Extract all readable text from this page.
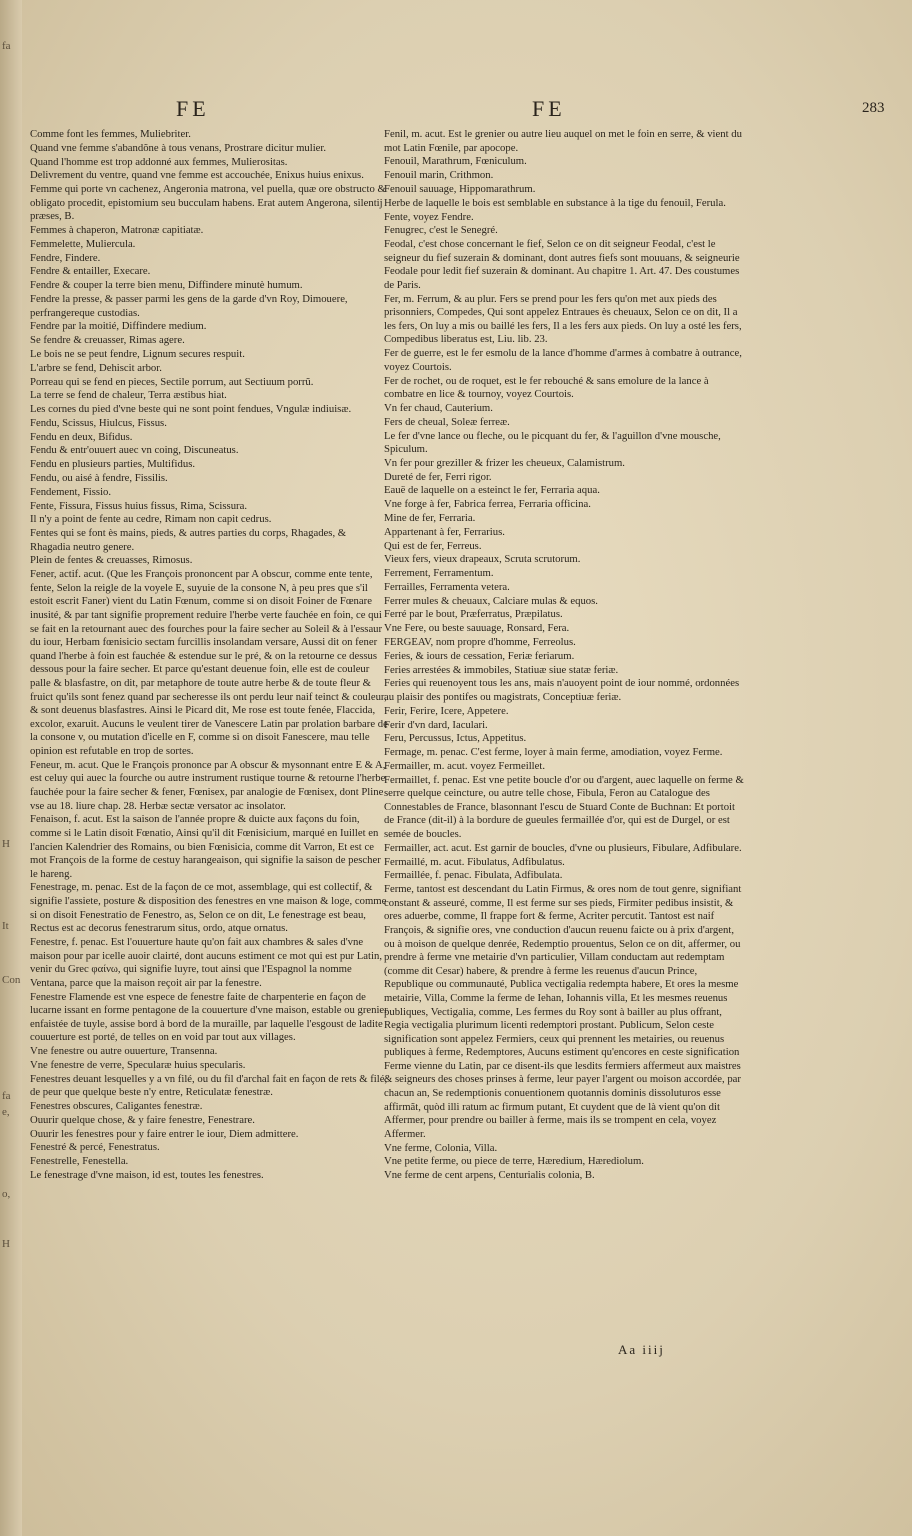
fa
H
It
Con
fa
e,
o,
H
FE	FE	283
Comme font les femmes, Muliebriter.
Quand vne femme s'abandõne à tous venans, Prostrare dicitur mulier.
Quand l'homme est trop addonné aux femmes, Mulierositas.
Delivrement du ventre, quand vne femme est accouchée, Enixus huius enixus.
Femme qui porte vn cachenez, Angeronia matrona, vel puella, quæ ore obstructo & obligato procedit, epistomium seu bucculam habens. Erat autem Angerona, silentij præses, B.
Femmes à chaperon, Matronæ capitiatæ.
Femmelette, Muliercula.
Fendre, Findere.
Fendre & entailler, Execare.
Fendre & couper la terre bien menu, Diffindere minutè humum.
Fendre la presse, & passer parmi les gens de la garde d'vn Roy, Dimouere, perfrangereque custodias.
Fendre par la moitié, Diffindere medium.
Se fendre & creuasser, Rimas agere.
Le bois ne se peut fendre, Lignum secures respuit.
L'arbre se fend, Dehiscit arbor.
Porreau qui se fend en pieces, Sectile porrum, aut Sectiuum porrũ.
La terre se fend de chaleur, Terra æstibus hiat.
Les cornes du pied d'vne beste qui ne sont point fendues, Vngulæ indiuisæ.
Fendu, Scissus, Hiulcus, Fissus.
Fendu en deux, Bifidus.
Fendu & entr'ouuert auec vn coing, Discuneatus.
Fendu en plusieurs parties, Multifidus.
Fendu, ou aisé à fendre, Fissilis.
Fendement, Fissio.
Fente, Fissura, Fissus huius fissus, Rima, Scissura.
Il n'y a point de fente au cedre, Rimam non capit cedrus.
Fentes qui se font ès mains, pieds, & autres parties du corps, Rhagades, & Rhagadia neutro genere.
Plein de fentes & creuasses, Rimosus.
Fener, actif. acut. (Que les François prononcent par A obscur, comme ente tente, fente, Selon la reigle de la voyele E, suyuie de la consone N, à peu pres que s'il estoit escrit Faner) vient du Latin Fœnum, comme si on disoit Foiner de Fœnare inusité, & par tant signifie proprement reduire l'herbe verte fauchée en foin, ce qui se fait en la retournant auec des fourches pour la faire secher au Soleil & à l'essaur du iour, Herbam fœnisicio sectam furcillis insolandam versare, Aussi dit on fener quand l'herbe à foin est fauchée & estendue sur le pré, & on la retourne ce dessus dessous pour la faire secher. Et parce qu'estant deuenue foin, elle est de couleur palle & blasfastre, on dit, par metaphore de toute autre herbe & de toute fleur & fruict qu'ils sont fenez quand par secheresse ils ont perdu leur naif teinct & couleur, & sont deuenus blasfastres. Ainsi le Picard dit, Me rose est toute fenée, Flaccida, excolor, exaruit. Aucuns le veulent tirer de Vanescere Latin par prolation barbare de la consone v, ou mutation d'icelle en F, comme si on disoit Fanescere, mau telle opinion est refutable en trop de sortes.
Feneur, m. acut. Que le François prononce par A obscur & mysonnant entre E & A, est celuy qui auec la fourche ou autre instrument rustique tourne & retourne l'herbe fauchée pour la faire secher & fener, Fœnisex, par analogie de Fœnisex, dont Pline vse au 18. liure chap. 28. Herbæ sectæ versator ac insolator.
Fenaison, f. acut. Est la saison de l'année propre & duicte aux façons du foin, comme si le Latin disoit Fœnatio, Ainsi qu'il dit Fœnisicium, marqué en Iuillet en l'ancien Kalendrier des Romains, ou bien Fœnisicia, comme dit Varron, Et est ce mot François de la forme de cestuy harangeaison, qui signifie la saison de pescher le hareng.
Fenestrage, m. penac. Est de la façon de ce mot, assemblage, qui est collectif, & signifie l'assiete, posture & disposition des fenestres en vne maison & loge, comme si on disoit Fenestratio de Fenestro, as, Selon ce on dit, Le fenestrage est beau, Rectus est ac decorus fenestrarum situs, ordo, atque ornatus.
Fenestre, f. penac. Est l'ouuerture haute qu'on fait aux chambres & sales d'vne maison pour par icelle auoir clairté, dont aucuns estiment ce mot qui est pur Latin, venir du Grec φαίνω, qui signifie luyre, tout ainsi que l'Espagnol la nomme Ventana, parce que la maison reçoit air par la fenestre.
Fenestre Flamende est vne espece de fenestre faite de charpenterie en façon de lucarne issant en forme pentagone de la couuerture d'vne maison, estable ou grenier enfaistée de tuyle, assise bord à bord de la muraille, par laquelle l'esgoust de ladite couuerture est porté, de telles on en void par tout aux villages.
Vne fenestre ou autre ouuerture, Transenna.
Vne fenestre de verre, Specularæ huius specularis.
Fenestres deuant lesquelles y a vn filé, ou du fil d'archal fait en façon de rets & filé, de peur que quelque beste n'y entre, Reticulatæ fenestræ.
Fenestres obscures, Caligantes fenestræ.
Ouurir quelque chose, & y faire fenestre, Fenestrare.
Ouurir les fenestres pour y faire entrer le iour, Diem admittere.
Fenestré & percé, Fenestratus.
Fenestrelle, Fenestella.
Le fenestrage d'vne maison, id est, toutes les fenestres.
Fenil, m. acut. Est le grenier ou autre lieu auquel on met le foin en serre, & vient du mot Latin Fœnile, par apocope.
Fenouil, Marathrum, Fœniculum.
Fenouil marin, Crithmon.
Fenouil sauuage, Hippomarathrum.
Herbe de laquelle le bois est semblable en substance à la tige du fenouil, Ferula.
Fente, voyez Fendre.
Fenugrec, c'est le Senegré.
Feodal, c'est chose concernant le fief, Selon ce on dit seigneur Feodal, c'est le seigneur du fief suzerain & dominant, dont autres fiefs sont mouuans, & seigneurie Feodale pour ledit fief suzerain & dominant. Au chapitre 1. Art. 47. Des coustumes de Paris.
Fer, m. Ferrum, & au plur. Fers se prend pour les fers qu'on met aux pieds des prisonniers, Compedes, Qui sont appelez Entraues ès cheuaux, Selon ce on dit, Il a les fers, On luy a mis ou baillé les fers, Il a les fers aux pieds. On luy a osté les fers, Compedibus liberatus est, Liu. lib. 23.
Fer de guerre, est le fer esmolu de la lance d'homme d'armes à combatre à outrance, voyez Courtois.
Fer de rochet, ou de roquet, est le fer rebouché & sans emolure de la lance à combatre en lice & tournoy, voyez Courtois.
Vn fer chaud, Cauterium.
Fers de cheual, Soleæ ferreæ.
Le fer d'vne lance ou fleche, ou le picquant du fer, & l'aguillon d'vne mousche, Spiculum.
Vn fer pour greziller & frizer les cheueux, Calamistrum.
Dureté de fer, Ferri rigor.
Eauë de laquelle on a esteinct le fer, Ferraria aqua.
Vne forge à fer, Fabrica ferrea, Ferraria officina.
Mine de fer, Ferraria.
Appartenant à fer, Ferrarius.
Qui est de fer, Ferreus.
Vieux fers, vieux drapeaux, Scruta scrutorum.
Ferrement, Ferramentum.
Ferrailles, Ferramenta vetera.
Ferrer mules & cheuaux, Calciare mulas & equos.
Ferré par le bout, Præferratus, Præpilatus.
Vne Fere, ou beste sauuage, Ronsard, Fera.
FERGEAV, nom propre d'homme, Ferreolus.
Feries, & iours de cessation, Feriæ feriarum.
Feries arrestées & immobiles, Statiuæ siue statæ feriæ.
Feries qui reuenoyent tous les ans, mais n'auoyent point de iour nommé, ordonnées au plaisir des pontifes ou magistrats, Conceptiuæ feriæ.
Ferir, Ferire, Icere, Appetere.
Ferir d'vn dard, Iaculari.
Feru, Percussus, Ictus, Appetitus.
Fermage, m. penac. C'est ferme, loyer à main ferme, amodiation, voyez Ferme.
Fermailler, m. acut. voyez Fermeillet.
Fermaillet, f. penac. Est vne petite boucle d'or ou d'argent, auec laquelle on ferme & serre quelque ceincture, ou autre telle chose, Fibula, Feron au Catalogue des Connestables de France, blasonnant l'escu de Stuard Conte de Buchnan: Et portoit de France (dit-il) à la bordure de gueules fermaillée d'or, qui est de Durgel, or est semée de boucles.
Fermailler, act. acut. Est garnir de boucles, d'vne ou plusieurs, Fibulare, Adfibulare.
Fermaillé, m. acut. Fibulatus, Adfibulatus.
Fermaillée, f. penac. Fibulata, Adfibulata.
Ferme, tantost est descendant du Latin Firmus, & ores nom de tout genre, signifiant constant & asseuré, comme, Il est ferme sur ses pieds, Firmiter pedibus insistit, & ores aduerbe, comme, Il frappe fort & ferme, Acriter percutit. Tantost est naif François, & signifie ores, vne conduction d'aucun reuenu faicte ou à prix d'argent, ou à moison de quelque denrée, Redemptio prouentus, Selon ce on dit, affermer, ou prendre à ferme vne metairie d'vn particulier, Villam conductam aut redemptam (comme dit Cesar) habere, & prendre à ferme les reuenus d'aucun Prince, Republique ou communauté, Publica vectigalia redempta habere, Et ores la mesme metairie, Villa, Comme la ferme de Iehan, Iohannis villa, Et les mesmes reuenus publiques, Vectigalia, comme, Les fermes du Roy sont à bailler au plus offrant, Regia vectigalia plurimum licenti redemptori prostant. Publicum, Selon ceste signification sont appelez Fermiers, ceux qui prennent les metairies, ou reuenus publiques à ferme, Redemptores, Aucuns estiment qu'encores en ceste signification Ferme vienne du Latin, par ce disent-ils que lesdits fermiers affermeut aux maistres & seigneurs des choses prinses à ferme, leur payer l'argent ou moison accordée, par chacun an, Se redemptionis conuentionem quotannis dominis dissoluturos esse affirmãt, quòd illi ratum ac firmum putant, Et cuydent que de là vient qu'on dit Affermer, pour prendre ou bailler à ferme, mais ils se trompent en cela, voyez Affermer.
Vne ferme, Colonia, Villa.
Vne petite ferme, ou piece de terre, Hæredium, Hærediolum.
Vne ferme de cent arpens, Centurialis colonia, B.
Aa iiij
